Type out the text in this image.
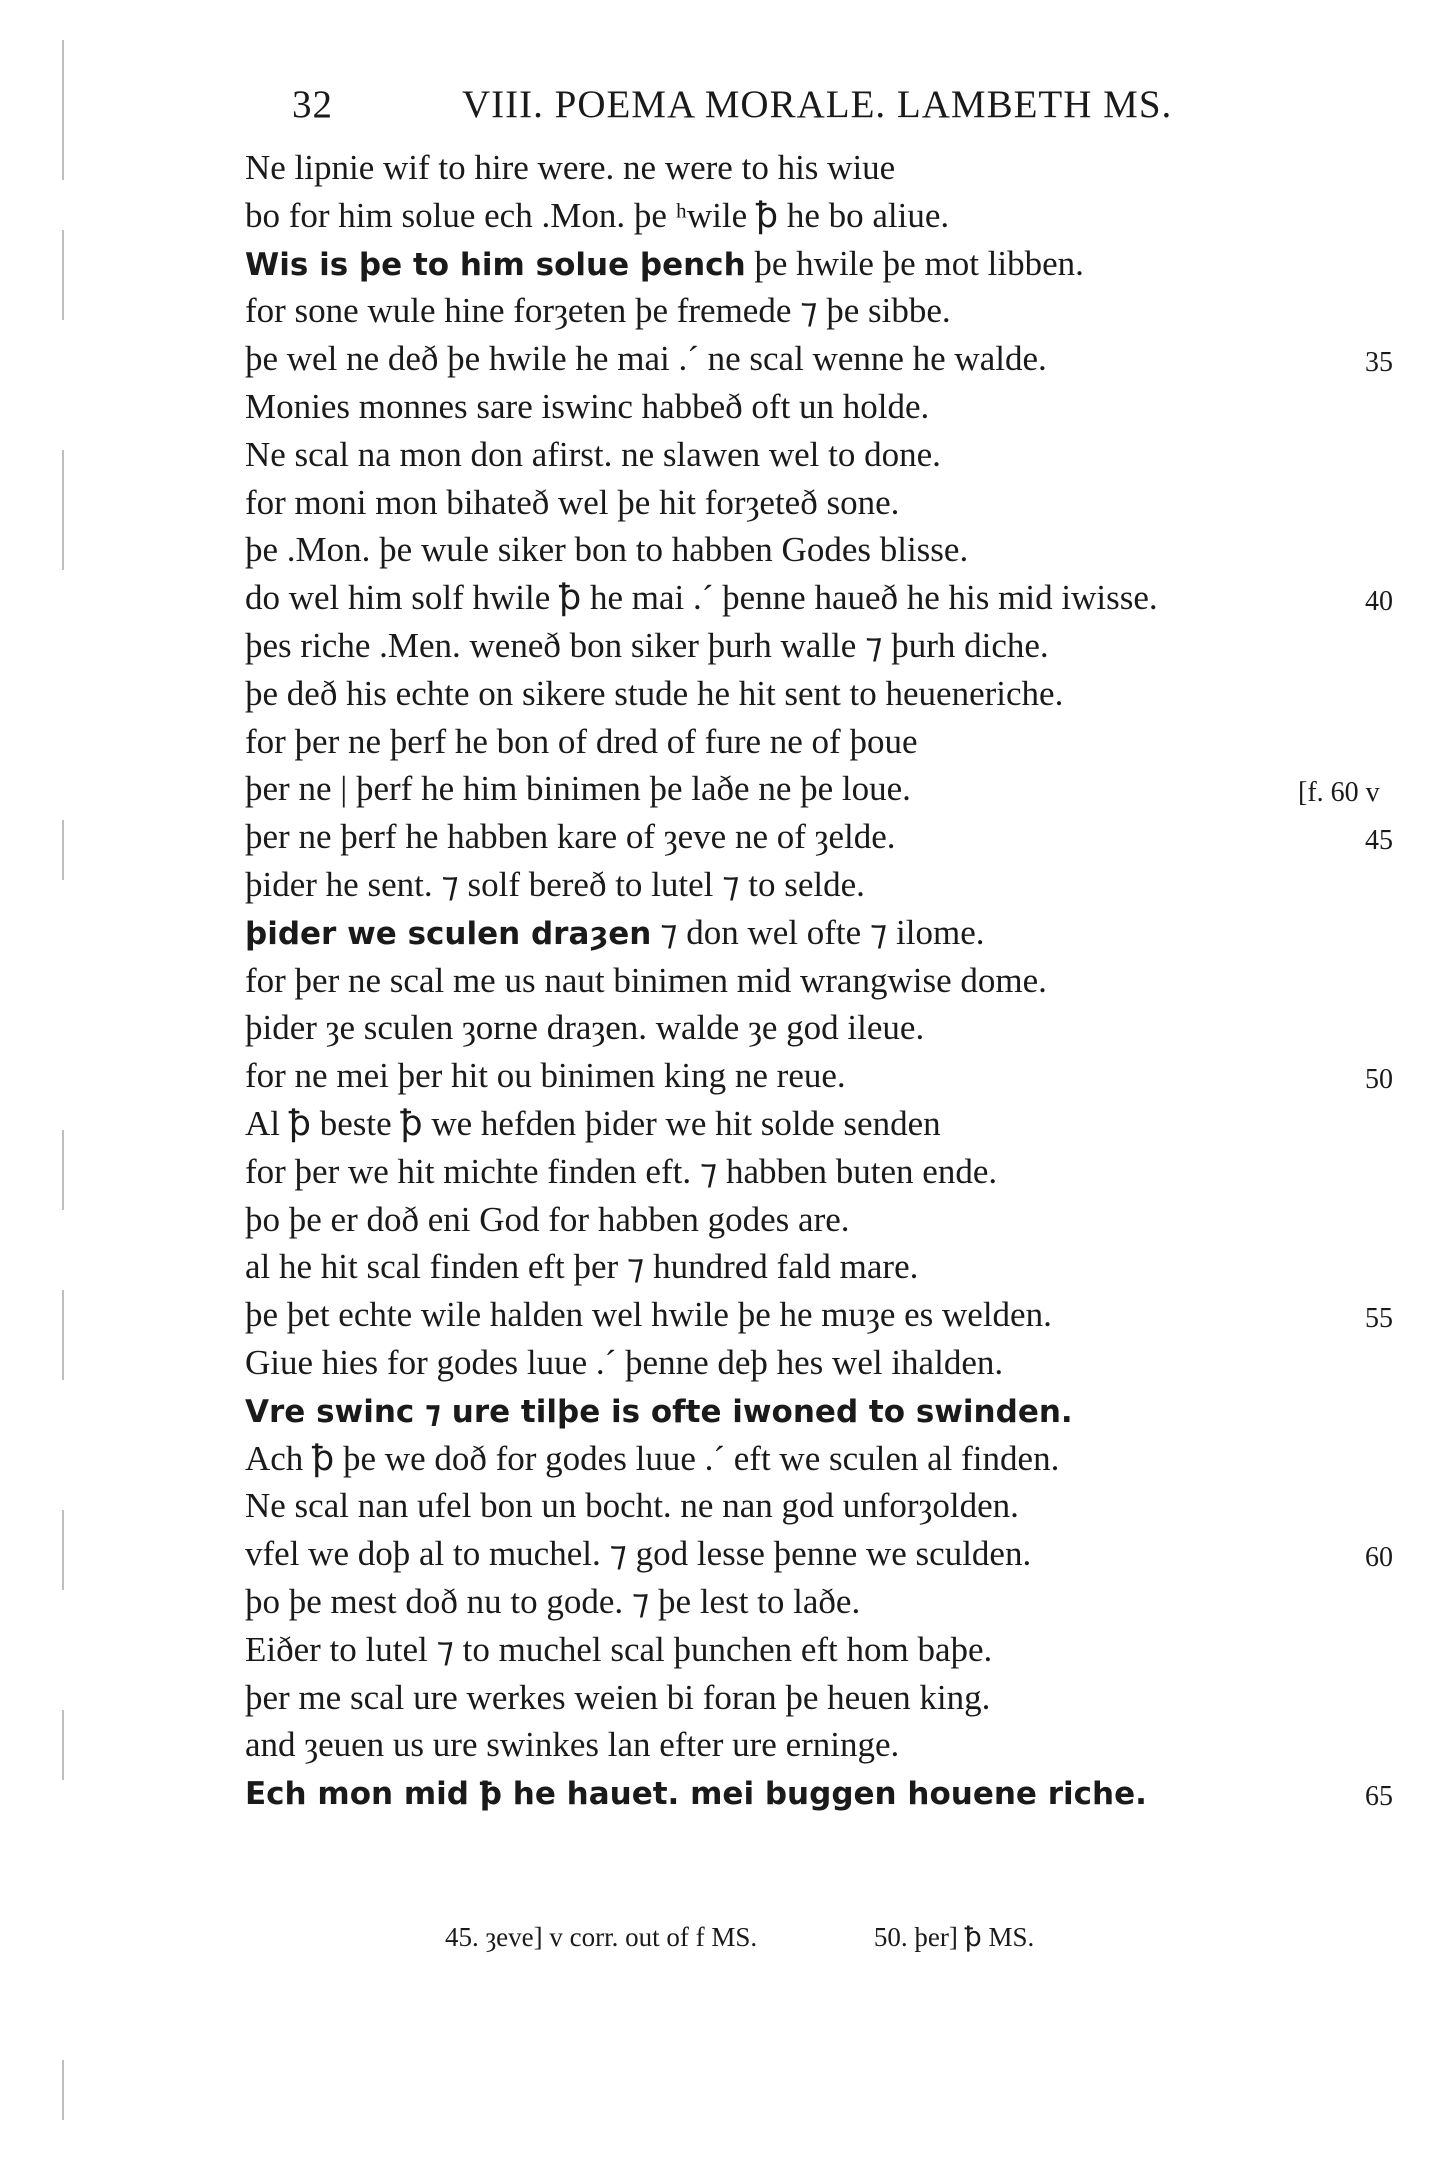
32	VIII. POEMA MORALE. LAMBETH MS.
Ne lipnie wif to hire were. ne were to his wiue
bo for him solue ech .Mon. þe ʰwile ꝥ he bo aliue.
Wis is þe to him solue þench þe hwile þe mot libben.
for sone wule hine forȝeten þe fremede ⁊ þe sibbe.
þe wel ne deð þe hwile he mai .ˊ ne scal wenne he walde.
Monies monnes sare iswinc habbeð oft un holde.
Ne scal na mon don afirst. ne slawen wel to done.
for moni mon bihateð wel þe hit forȝeteð sone.
þe .Mon. þe wule siker bon to habben Godes blisse.
do wel him solf hwile ꝥ he mai .ˊ þenne haueð he his mid iwisse.
þes riche .Men. weneð bon siker þurh walle ⁊ þurh diche.
þe deð his echte on sikere stude he hit sent to heueneriche.
for þer ne þerf he bon of dred of fure ne of þoue
þer ne | þerf he him binimen þe laðe ne þe loue.
þer ne þerf he habben kare of ȝeve ne of ȝelde.
þider he sent. ⁊ solf bereð to lutel ⁊ to selde.
þider we sculen draȝen ⁊ don wel ofte ⁊ ilome.
for þer ne scal me us naut binimen mid wrangwise dome.
þider ȝe sculen ȝorne draȝen. walde ȝe god ileue.
for ne mei þer hit ou binimen king ne reue.
Al ꝥ beste ꝥ we hefden þider we hit solde senden
for þer we hit michte finden eft. ⁊ habben buten ende.
þo þe er doð eni God for habben godes are.
al he hit scal finden eft þer ⁊ hundred fald mare.
þe þet echte wile halden wel hwile þe he muȝe es welden.
Giue hies for godes luue .ˊ þenne deþ hes wel ihalden.
Vre swinc ⁊ ure tilþe is ofte iwoned to swinden.
Ach ꝥ þe we doð for godes luue .ˊ eft we sculen al finden.
Ne scal nan ufel bon un bocht. ne nan god unforȝolden.
vfel we doþ al to muchel. ⁊ god lesse þenne we sculden.
þo þe mest doð nu to gode. ⁊ þe lest to laðe.
Eiðer to lutel ⁊ to muchel scal þunchen eft hom baþe.
þer me scal ure werkes weien bi foran þe heuen king.
and ȝeuen us ure swinkes lan efter ure erninge.
Ech mon mid ꝥ he hauet. mei buggen houene riche.
35
40
[f. 60 v
45
50
55
60
65
45. ȝeve] v corr. out of f MS.	50. þer] ꝥ MS.
